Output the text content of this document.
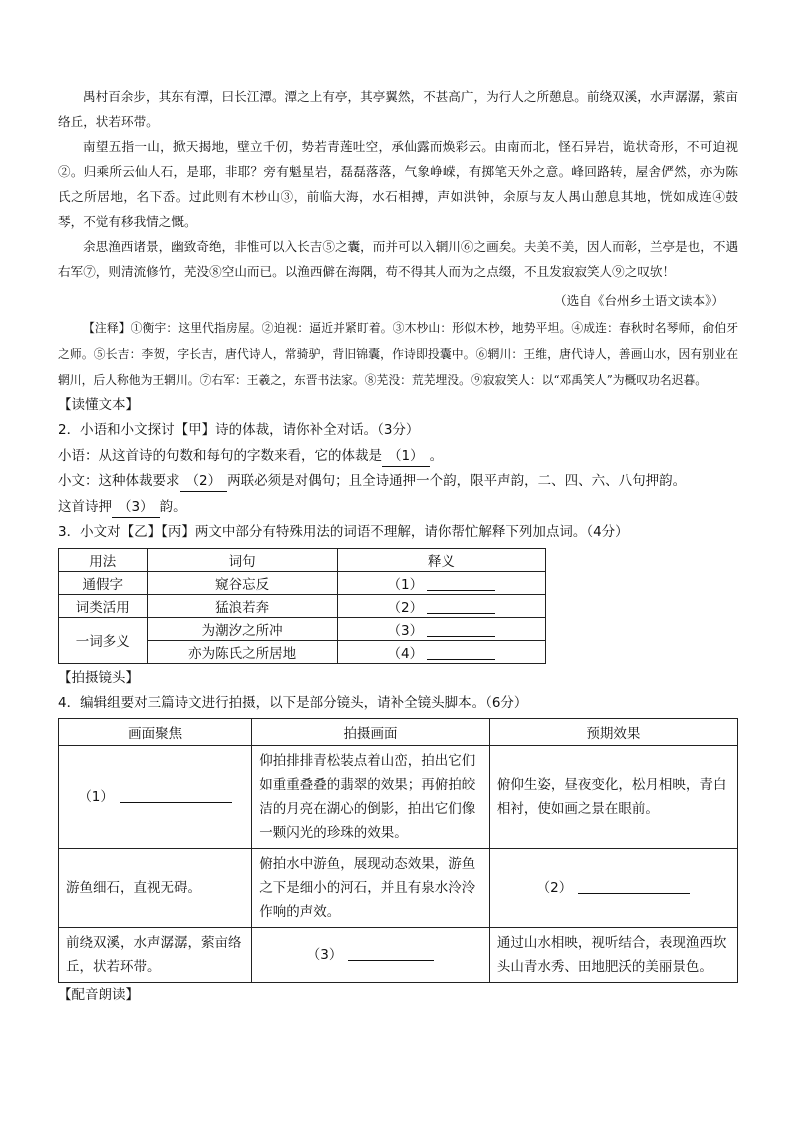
禺村百余步，其东有潭，曰长江潭。潭之上有亭，其亭翼然，不甚高广，为行人之所憩息。前绕双溪，水声潺潺，萦亩络丘，状若环带。

南望五指一山，掀天揭地，壁立千仞，势若青莲吐空，承仙露而焕彩云。由南而北，怪石异岩，诡状奇形，不可迫视②。归乘所云仙人石，是耶，非耶？旁有魁星岩，磊磊落落，气象峥嵘，有掷笔天外之意。峰回路转，屋舍俨然，亦为陈氏之所居地，名下岙。过此则有木杪山③，前临大海，水石相搏，声如洪钟，余原与友人禺山憩息其地，恍如成连④鼓琴，不觉有移我情之慨。

余思渔西诸景，幽致奇绝，非惟可以入长吉⑤之囊，而并可以入辋川⑥之画矣。夫美不美，因人而彰，兰亭是也，不遇右军⑦，则清流修竹，芜没⑧空山而已。以渔西僻在海隅，苟不得其人而为之点缀，不且发寂寂笑人⑨之叹欤！

（选自《台州乡土语文读本》）

【注释】①衡宇：这里代指房屋。②迫视：逼近并紧盯着。③木杪山：形似木杪，地势平坦。④成连：春秋时名琴师，俞伯牙之师。⑤长吉：李贺，字长吉，唐代诗人，常骑驴，背旧锦囊，作诗即投囊中。⑥辋川：王维，唐代诗人，善画山水，因有别业在辋川，后人称他为王辋川。⑦右军：王羲之，东晋书法家。⑧芜没：荒芜埋没。⑨寂寂笑人：以“邓禹笑人”为概叹功名迟暮。

【读懂文本】

2．小语和小文探讨【甲】诗的体裁，请你补全对话。（3分）

小语：从这首诗的句数和每句的字数来看，它的体裁是 （1） 。

小文：这种体裁要求 （2） 两联必须是对偶句；且全诗通押一个韵，限平声韵，二、四、六、八句押韵。

这首诗押 （3） 韵。

3．小文对【乙】【丙】两文中部分有特殊用法的词语不理解，请你帮忙解释下列加点词。（4分）

用法	词句	释义
通假字	窥谷忘反	（1）
词类活用	猛浪若奔	（2）
一词多义	为潮汐之所冲	（3）
	亦为陈氏之所居地	（4）

【拍摄镜头】

4．编辑组要对三篇诗文进行拍摄，以下是部分镜头，请补全镜头脚本。（6分）

画面聚焦	拍摄画面	预期效果
（1）	仰拍排排青松装点着山峦，拍出它们如重重叠叠的翡翠的效果；再俯拍皎洁的月亮在湖心的倒影，拍出它们像一颗闪光的珍珠的效果。	俯仰生姿，昼夜变化，松月相映，青白相衬，使如画之景在眼前。
游鱼细石，直视无碍。	俯拍水中游鱼，展现动态效果，游鱼之下是细小的河石，并且有泉水泠泠作响的声效。	（2）
前绕双溪，水声潺潺，萦亩络丘，状若环带。	（3）	通过山水相映，视听结合，表现渔西坎头山青水秀、田地肥沃的美丽景色。

【配音朗读】
